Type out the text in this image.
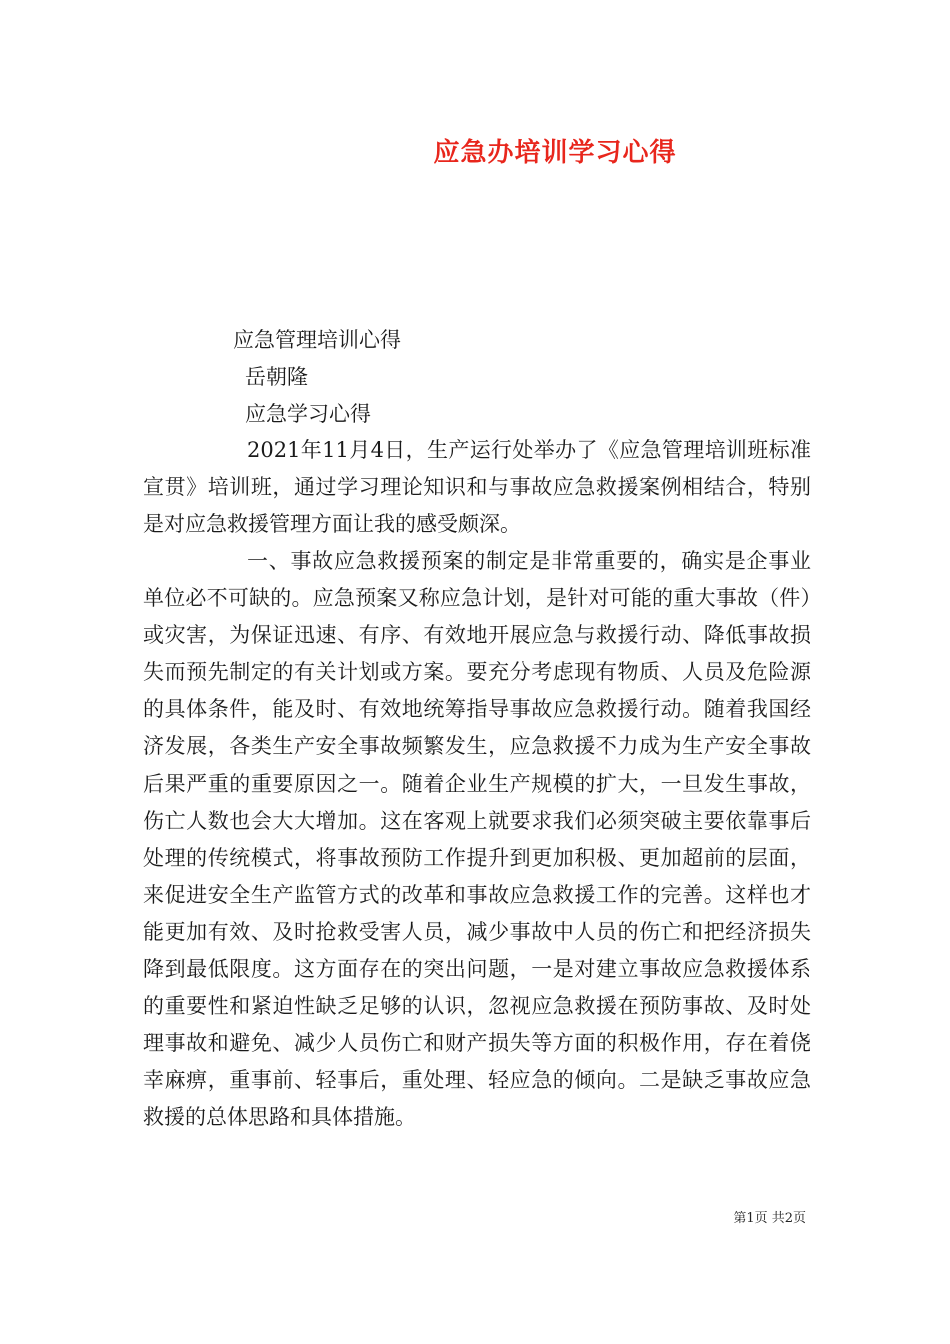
应急办培训学习心得
应急管理培训心得
岳朝隆
应急学习心得

2021年11月4日，生产运行处举办了《应急管理培训班标准宣贯》培训班，通过学习理论知识和与事故应急救援案例相结合，特别是对应急救援管理方面让我的感受颇深。

一、事故应急救援预案的制定是非常重要的，确实是企事业单位必不可缺的。应急预案又称应急计划，是针对可能的重大事故（件）或灾害，为保证迅速、有序、有效地开展应急与救援行动、降低事故损失而预先制定的有关计划或方案。要充分考虑现有物质、人员及危险源的具体条件，能及时、有效地统筹指导事故应急救援行动。随着我国经济发展，各类生产安全事故频繁发生，应急救援不力成为生产安全事故后果严重的重要原因之一。随着企业生产规模的扩大，一旦发生事故，伤亡人数也会大大增加。这在客观上就要求我们必须突破主要依靠事后处理的传统模式，将事故预防工作提升到更加积极、更加超前的层面，来促进安全生产监管方式的改革和事故应急救援工作的完善。这样也才能更加有效、及时抢救受害人员，减少事故中人员的伤亡和把经济损失降到最低限度。这方面存在的突出问题，一是对建立事故应急救援体系的重要性和紧迫性缺乏足够的认识，忽视应急救援在预防事故、及时处理事故和避免、减少人员伤亡和财产损失等方面的积极作用，存在着侥幸麻痹，重事前、轻事后，重处理、轻应急的倾向。二是缺乏事故应急救援的总体思路和具体措施。

第1页 共2页
